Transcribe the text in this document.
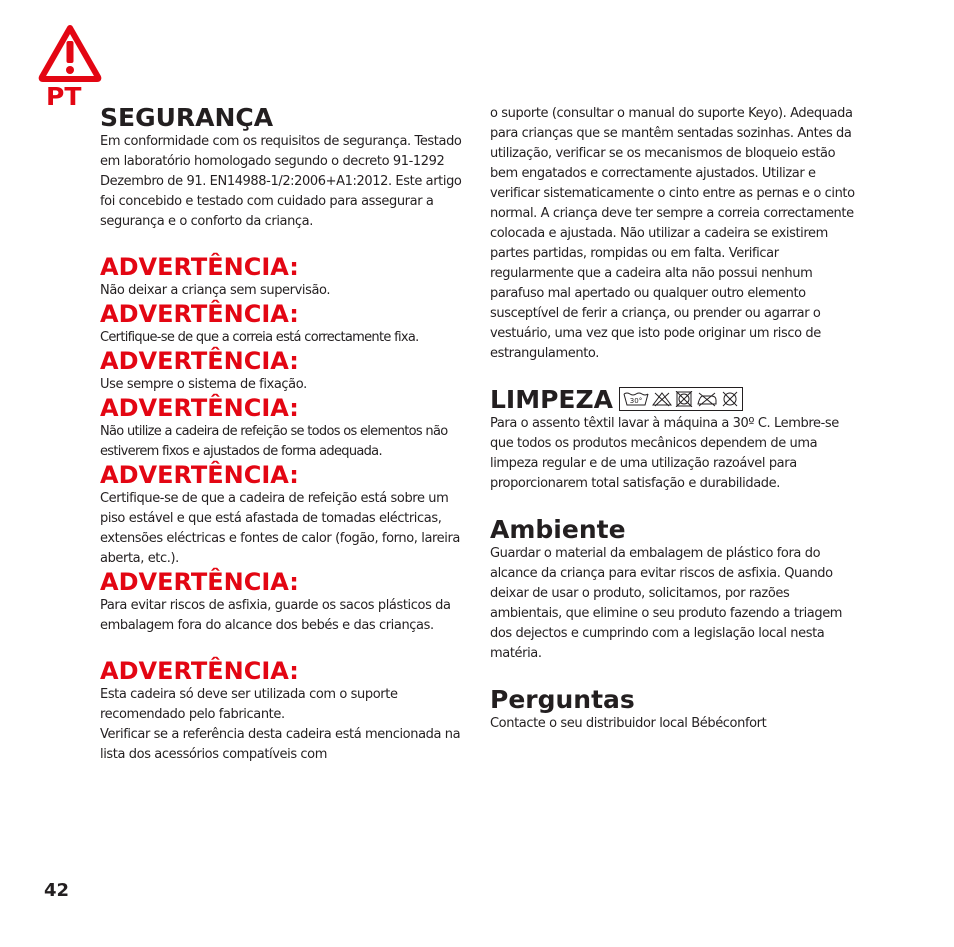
PT
SEGURANÇA

Em conformidade com os requisitos de segurança. Testado em laboratório homologado segundo o decreto 91-1292 Dezembro de 91. EN14988-1/2:2006+A1:2012. Este artigo foi concebido e testado com cuidado para assegurar a segurança e o conforto da criança.

ADVERTÊNCIA:

Não deixar a criança sem supervisão.

ADVERTÊNCIA:

Certifique-se de que a correia está correctamente fixa.

ADVERTÊNCIA:

Use sempre o sistema de fixação.

ADVERTÊNCIA:

Não utilize a cadeira de refeição se todos os elementos não estiverem fixos e ajustados de forma adequada.

ADVERTÊNCIA:

Certifique-se de que a cadeira de refeição está sobre um piso estável e que está afastada de tomadas eléctricas, extensões eléctricas e fontes de calor (fogão, forno, lareira aberta, etc.).

ADVERTÊNCIA:

Para evitar riscos de asfixia, guarde os sacos plásticos da embalagem fora do alcance dos bebés e das crianças.

ADVERTÊNCIA:

Esta cadeira só deve ser utilizada com o suporte recomendado pelo fabricante.

Verificar se a referência desta cadeira está mencionada na lista dos acessórios compatíveis com

o suporte (consultar o manual do suporte Keyo). Adequada para crianças que se mantêm sentadas sozinhas. Antes da utilização, verificar se os mecanismos de bloqueio estão bem engatados e correctamente ajustados. Utilizar e verificar sistematicamente o cinto entre as pernas e o cinto normal. A criança deve ter sempre a correia correctamente colocada e ajustada. Não utilizar a cadeira se existirem partes partidas, rompidas ou em falta. Verificar regularmente que a cadeira alta não possui nenhum parafuso mal apertado ou qualquer outro elemento susceptível de ferir a criança, ou prender ou agarrar o vestuário, uma vez que isto pode originar um risco de estrangulamento.

LIMPEZA 30°

Para o assento têxtil lavar à máquina a 30º C. Lembre-se que todos os produtos mecânicos dependem de uma limpeza regular e de uma utilização razoável para proporcionarem total satisfação e durabilidade.

Ambiente

Guardar o material da embalagem de plástico fora do alcance da criança para evitar riscos de asfixia. Quando deixar de usar o produto, solicitamos, por razões ambientais, que elimine o seu produto fazendo a triagem dos dejectos e cumprindo com a legislação local nesta matéria.

Perguntas

Contacte o seu distribuidor local Bébéconfort

42
